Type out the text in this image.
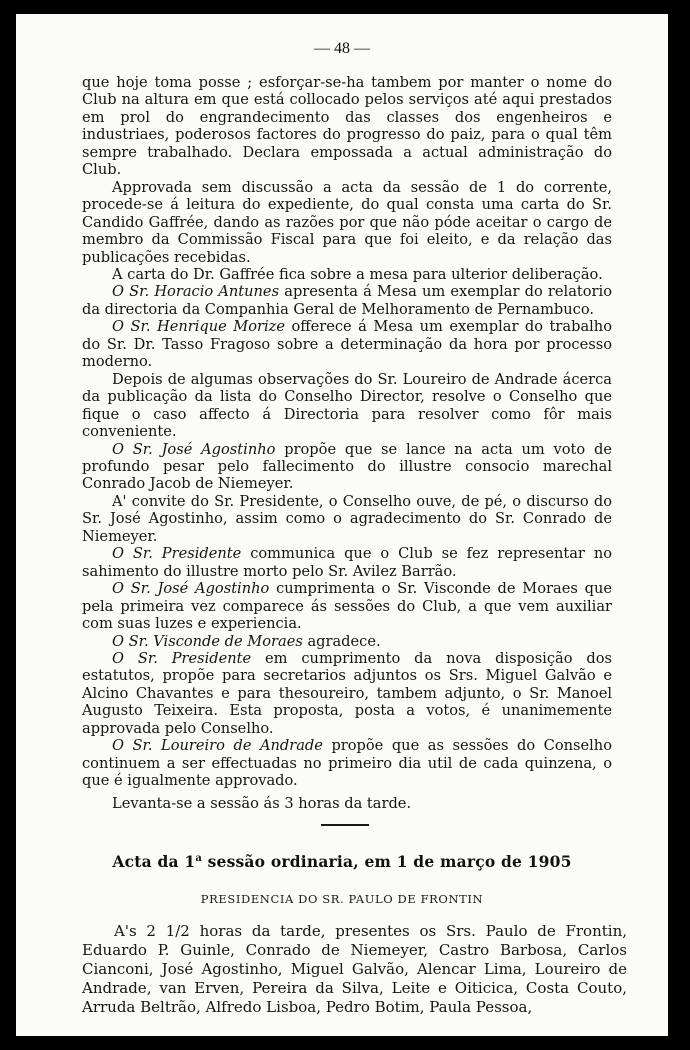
— 48 —

que hoje toma posse ; esforçar-se-ha tambem por manter o nome do Club na altura em que está collocado pelos serviços até aqui prestados em prol do engrandecimento das classes dos engenheiros e industriaes, poderosos factores do progresso do paiz, para o qual têm sempre trabalhado. Declara empossada a actual administração do Club.

Approvada sem discussão a acta da sessão de 1 do corrente, procede-se á leitura do expediente, do qual consta uma carta do Sr. Candido Gaffrée, dando as razões por que não póde aceitar o cargo de membro da Commissão Fiscal para que foi eleito, e da relação das publicações recebidas.

A carta do Dr. Gaffrée fica sobre a mesa para ulterior deliberação.

O Sr. Horacio Antunes apresenta á Mesa um exemplar do relatorio da directoria da Companhia Geral de Melhoramento de Pernambuco.

O Sr. Henrique Morize offerece á Mesa um exemplar do trabalho do Sr. Dr. Tasso Fragoso sobre a determinação da hora por processo moderno.

Depois de algumas observações do Sr. Loureiro de Andrade ácerca da publicação da lista do Conselho Director, resolve o Conselho que fique o caso affecto á Directoria para resolver como fôr mais conveniente.

O Sr. José Agostinho propõe que se lance na acta um voto de profundo pesar pelo fallecimento do illustre consocio marechal Conrado Jacob de Niemeyer.

A' convite do Sr. Presidente, o Conselho ouve, de pé, o discurso do Sr. José Agostinho, assim como o agradecimento do Sr. Conrado de Niemeyer.

O Sr. Presidente communica que o Club se fez representar no sahimento do illustre morto pelo Sr. Avilez Barrão.

O Sr. José Agostinho cumprimenta o Sr. Visconde de Moraes que pela primeira vez comparece ás sessões do Club, a que vem auxiliar com suas luzes e experiencia.

O Sr. Visconde de Moraes agradece.

O Sr. Presidente em cumprimento da nova disposição dos estatutos, propõe para secretarios adjuntos os Srs. Miguel Galvão e Alcino Chavantes e para thesoureiro, tambem adjunto, o Sr. Manoel Augusto Teixeira. Esta proposta, posta a votos, é unanimemente approvada pelo Conselho.

O Sr. Loureiro de Andrade propõe que as sessões do Conselho continuem a ser effectuadas no primeiro dia util de cada quinzena, o que é igualmente approvado.

Levanta-se a sessão ás 3 horas da tarde.

Acta da 1$^a$ sessão ordinaria, em 1 de março de 1905
PRESIDENCIA DO SR. PAULO DE FRONTIN

A's 2 1/2 horas da tarde, presentes os Srs. Paulo de Frontin, Eduardo P. Guinle, Conrado de Niemeyer, Castro Barbosa, Carlos Cianconi, José Agostinho, Miguel Galvão, Alencar Lima, Loureiro de Andrade, van Erven, Pereira da Silva, Leite e Oiticica, Costa Couto, Arruda Beltrão, Alfredo Lisboa, Pedro Botim, Paula Pessoa,
